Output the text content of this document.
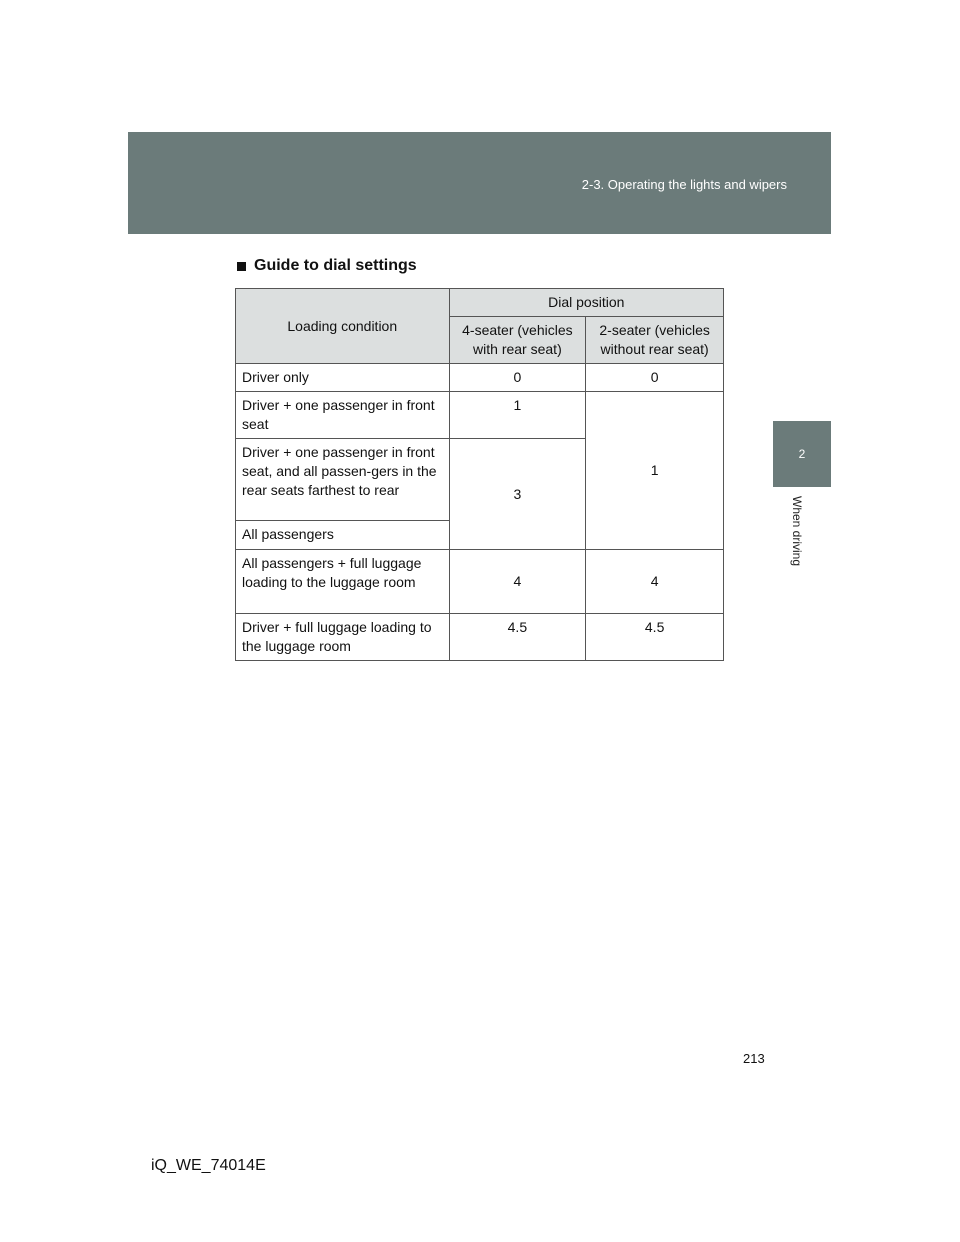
2-3. Operating the lights and wipers
2
When driving
Guide to dial settings
Loading condition	Dial position	
	4-seater (vehicles with rear seat)	2-seater (vehicles without rear seat)
Driver only	0	0
Driver + one passenger in front seat	1	1
Driver + one passenger in front seat, and all passen-gers in the rear seats farthest to rear	3	
All passengers		
All passengers + full luggage loading to the luggage room	4	4
Driver + full luggage loading to the luggage room	4.5	4.5
213
iQ_WE_74014E
